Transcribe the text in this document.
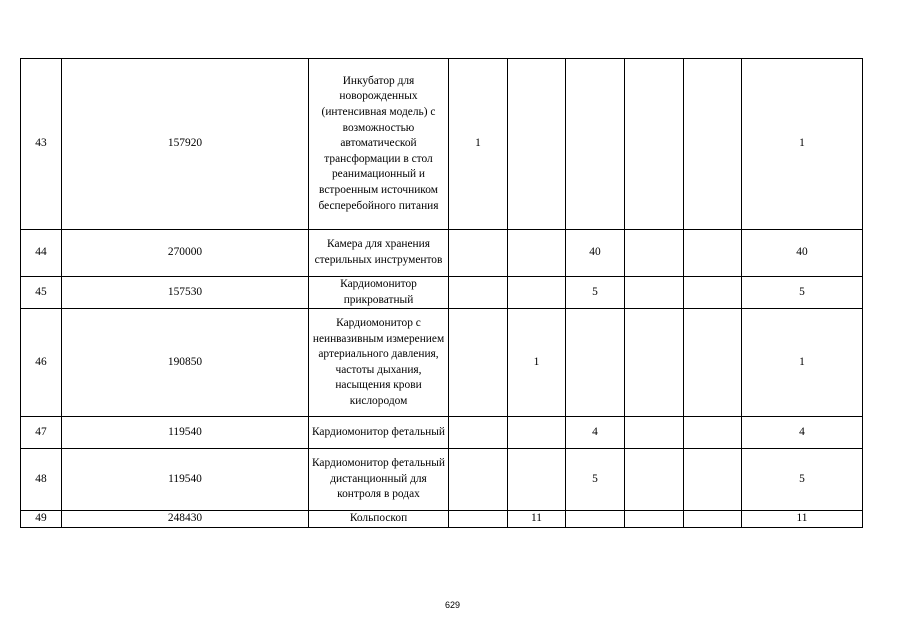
43	157920	Инкубатор для новорожденных (интенсивная модель) с возможностью автоматической трансформации в стол реанимационный и встроенным источником бесперебойного питания	1					1
44	270000	Камера для хранения стерильных инструментов			40			40
45	157530	Кардиомонитор прикроватный			5			5
46	190850	Кардиомонитор с неинвазивным измерением артериального давления, частоты дыхания, насыщения крови кислородом		1				1
47	119540	Кардиомонитор фетальный			4			4
48	119540	Кардиомонитор фетальный дистанционный для контроля в родах			5			5
49	248430	Кольпоскоп		11				11
629
